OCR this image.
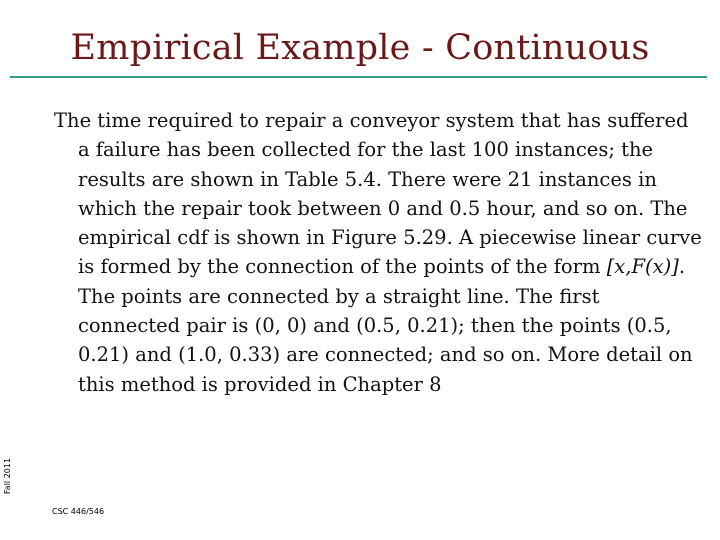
Empirical Example - Continuous
The time required to repair a conveyor system that has suffered a failure has been collected for the last 100 instances; the results are shown in Table 5.4. There were 21 instances in which the repair took between 0 and 0.5 hour, and so on. The empirical cdf is shown in Figure 5.29. A piecewise linear curve is formed by the connection of the points of the form [x,F(x)]. The points are connected by a straight line. The first connected pair is (0, 0) and (0.5, 0.21); then the points (0.5, 0.21) and (1.0, 0.33) are connected; and so on. More detail on this method is provided in Chapter 8
Fall 2011
CSC 446/546
